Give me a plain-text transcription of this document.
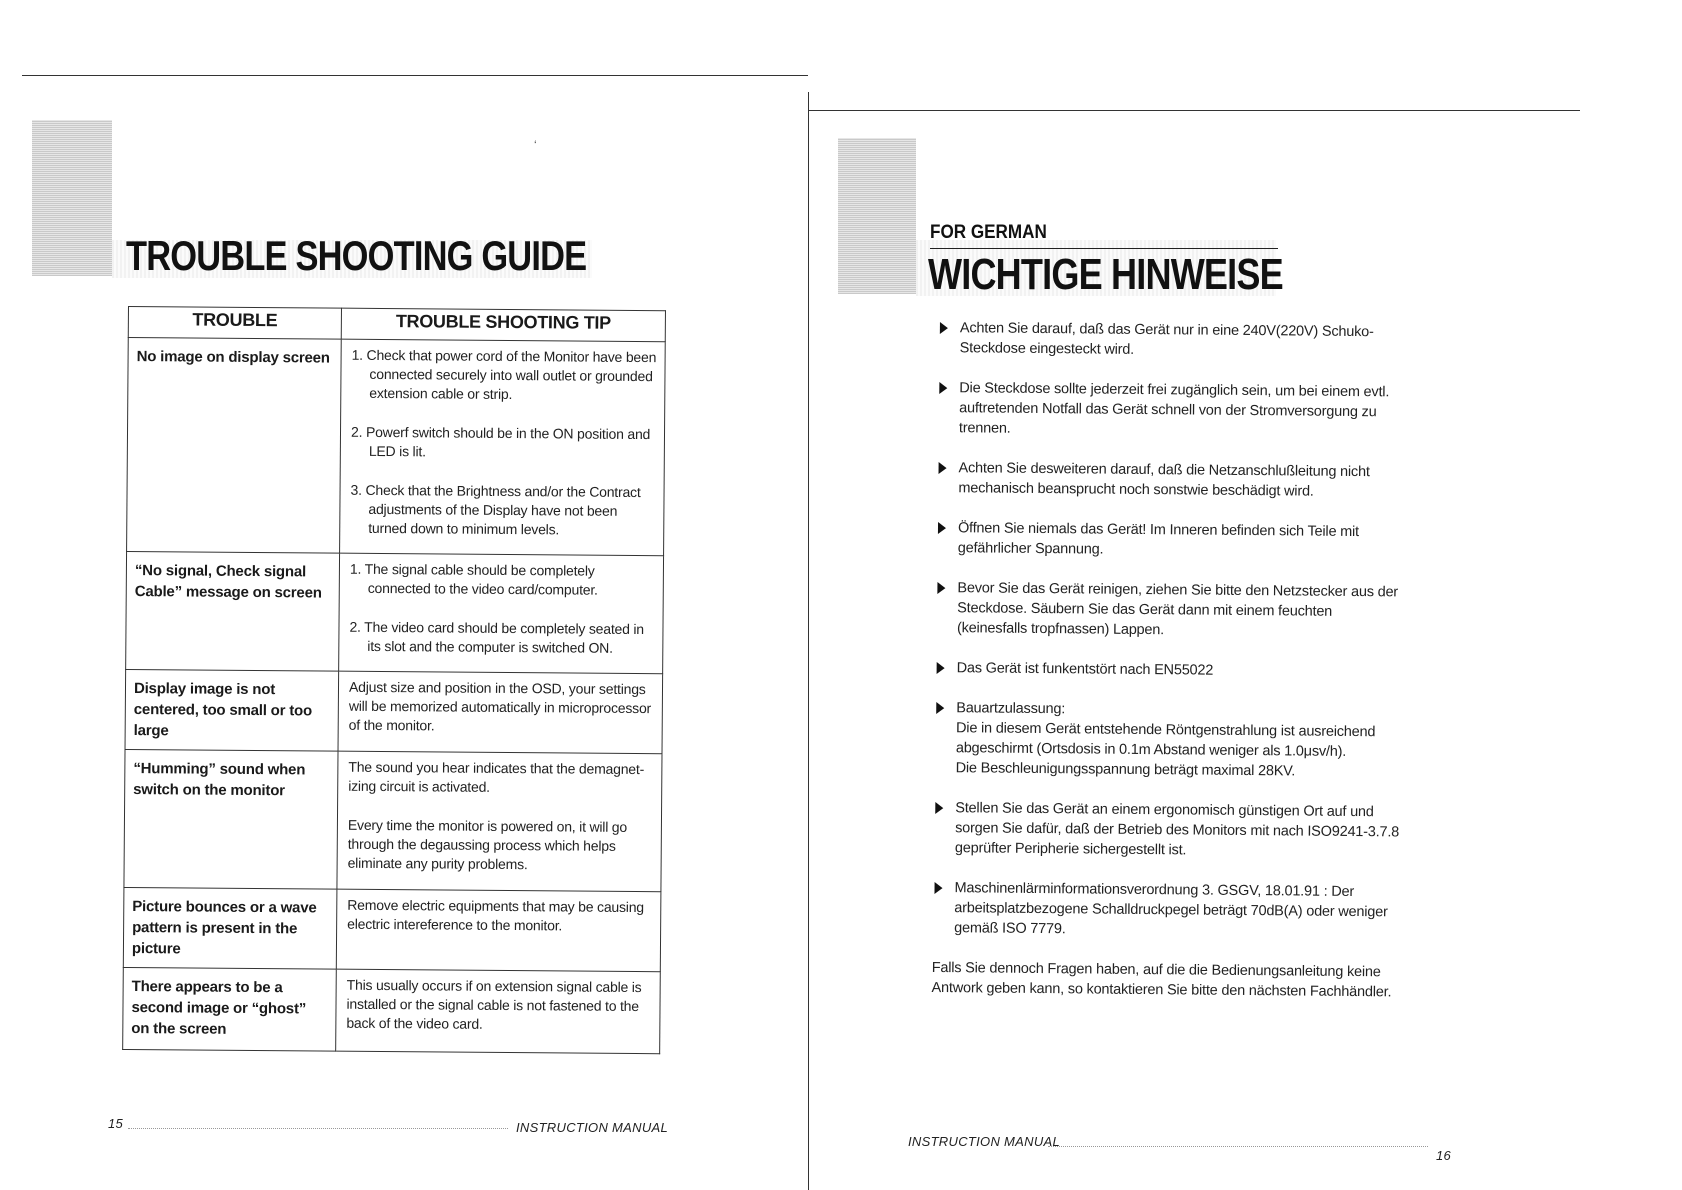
‘
TROUBLE SHOOTING GUIDE
TROUBLE	TROUBLE SHOOTING TIP
No image on display screen	1. Check that power cord of the Monitor have been connected securely into wall outlet or grounded extension cable or strip.

2. Powerf switch should be in the ON position and LED is lit.

3. Check that the Brightness and/or the Contract adjustments of the Display have not been turned down to minimum levels.

“No signal, Check signal Cable” message on screen	1. The signal cable should be completely connected to the video card/computer.

2. The video card should be completely seated in its slot and the computer is switched ON.

Display image is not centered, too small or too large	Adjust size and position in the OSD, your settings will be memorized automatically in microprocessor of the monitor.

“Humming” sound when switch on the monitor	The sound you hear indicates that the demagnet-izing circuit is activated.

Every time the monitor is powered on, it will go through the degaussing process which helps eliminate any purity problems.

Picture bounces or a wave pattern is present in the picture	Remove electric equipments that may be causing electric intereference to the monitor.

There appears to be a second image or “ghost” on the screen	This usually occurs if on extension signal cable is installed or the signal cable is not fastened to the back of the video card.

15	INSTRUCTION MANUAL
FOR GERMAN
WICHTIGE HINWEISE
Achten Sie darauf, daß das Gerät nur in eine 240V(220V) Schuko-Steckdose eingesteckt wird.
Die Steckdose sollte jederzeit frei zugänglich sein, um bei einem evtl. auftretenden Notfall das Gerät schnell von der Stromversorgung zu trennen.
Achten Sie desweiteren darauf, daß die Netzanschlußleitung nicht mechanisch beansprucht noch sonstwie beschädigt wird.
Öffnen Sie niemals das Gerät! Im Inneren befinden sich Teile mit gefährlicher Spannung.
Bevor Sie das Gerät reinigen, ziehen Sie bitte den Netzstecker aus der Steckdose. Säubern Sie das Gerät dann mit einem feuchten (keinesfalls tropfnassen) Lappen.
Das Gerät ist funkentstört nach EN55022
Bauartzulassung:
Die in diesem Gerät entstehende Röntgenstrahlung ist ausreichend abgeschirmt (Ortsdosis in 0.1m Abstand weniger als 1.0μsv/h).
Die Beschleunigungsspannung beträgt maximal 28KV.
Stellen Sie das Gerät an einem ergonomisch günstigen Ort auf und sorgen Sie dafür, daß der Betrieb des Monitors mit nach ISO9241-3.7.8 geprüfter Peripherie sichergestellt ist.
Maschinenlärminformationsverordnung 3. GSGV, 18.01.91 : Der arbeitsplatzbezogene Schalldruckpegel beträgt 70dB(A) oder weniger gemäß ISO 7779.
Falls Sie dennoch Fragen haben, auf die die Bedienungsanleitung keine Antwork geben kann, so kontaktieren Sie bitte den nächsten Fachhändler.
INSTRUCTION MANUAL
16
